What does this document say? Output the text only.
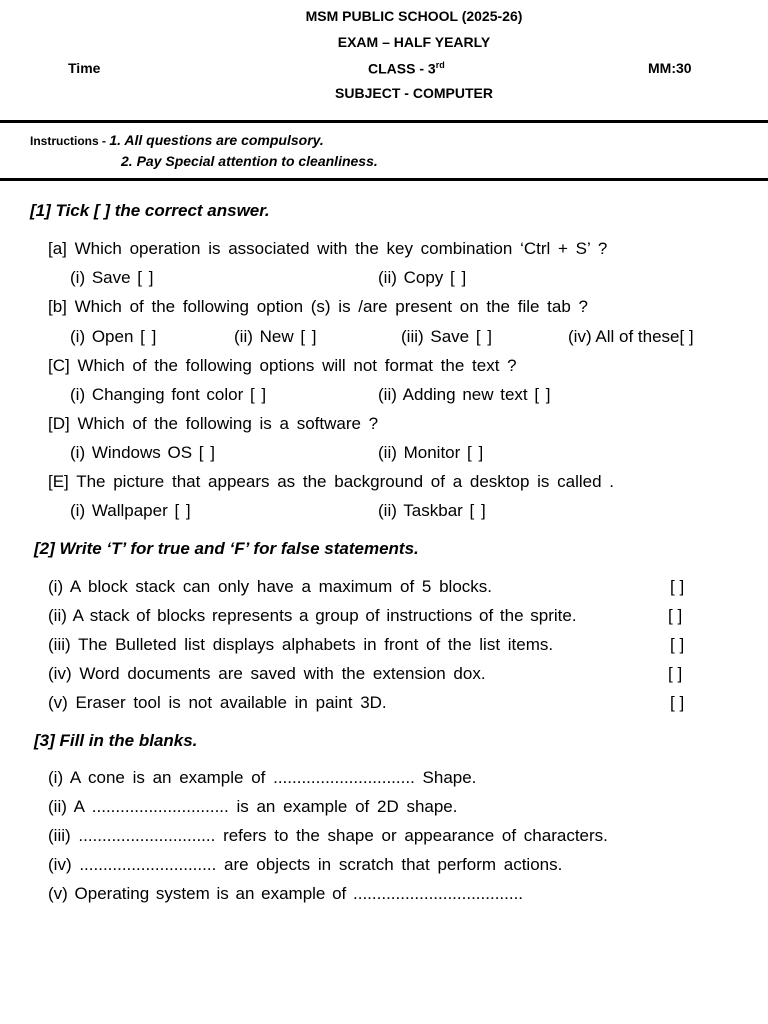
MSM PUBLIC SCHOOL (2025-26)
EXAM – HALF YEARLY
Time	CLASS - 3rd	MM:30
SUBJECT - COMPUTER
Instructions - 1. All questions are compulsory.
2. Pay Special attention to cleanliness.
[1] Tick [ ] the correct answer.
[a] Which operation is associated with the key combination ‘Ctrl + S’ ?
(i) Save [ ]	(ii) Copy [ ]
[b] Which of the following option (s) is /are present on the file tab ?
(i) Open [ ]	(ii) New [ ]	(iii) Save [ ]	(iv) All of these[ ]
[C] Which of the following options will not format the text ?
(i) Changing font color [ ]	(ii) Adding new text [ ]
[D] Which of the following is a software ?
(i) Windows OS [ ]	(ii) Monitor [ ]
[E] The picture that appears as the background of a desktop is called .
(i) Wallpaper [ ]	(ii) Taskbar [ ]
[2] Write ‘T’ for true and ‘F’ for false statements.
(i) A block stack can only have a maximum of 5 blocks.	[ ]
(ii) A stack of blocks represents a group of instructions of the sprite.	[ ]
(iii) The Bulleted list displays alphabets in front of the list items.	[ ]
(iv) Word documents are saved with the extension dox.	[ ]
(v) Eraser tool is not available in paint 3D.	[ ]
[3] Fill in the blanks.
(i) A cone is an example of .............................. Shape.
(ii) A ............................. is an example of 2D shape.
(iii) ............................. refers to the shape or appearance of characters.
(iv) ............................. are objects in scratch that perform actions.
(v) Operating system is an example of ....................................
